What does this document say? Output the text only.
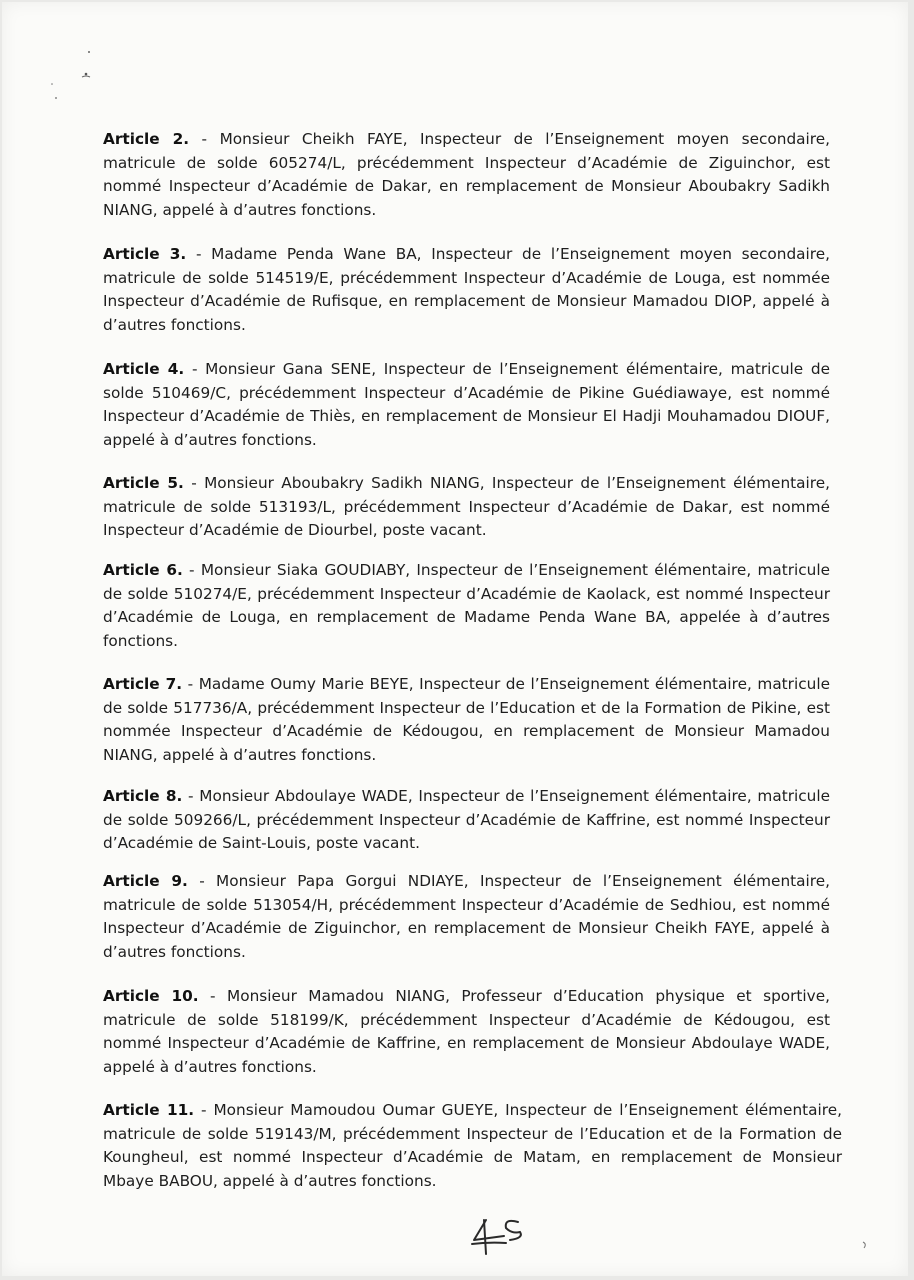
Article 2. - Monsieur Cheikh FAYE, Inspecteur de l’Enseignement moyen secondaire, matricule de solde 605274/L, précédemment Inspecteur d’Académie de Ziguinchor, est nommé Inspecteur d’Académie de Dakar, en remplacement de Monsieur Aboubakry Sadikh NIANG, appelé à d’autres fonctions.

Article 3. - Madame Penda Wane BA, Inspecteur de l’Enseignement moyen secondaire, matricule de solde 514519/E, précédemment Inspecteur d’Académie de Louga, est nommée Inspecteur d’Académie de Rufisque, en remplacement de Monsieur Mamadou DIOP, appelé à d’autres fonctions.

Article 4. - Monsieur Gana SENE, Inspecteur de l’Enseignement élémentaire, matricule de solde 510469/C, précédemment Inspecteur d’Académie de Pikine Guédiawaye, est nommé Inspecteur d’Académie de Thiès, en remplacement de Monsieur El Hadji Mouhamadou DIOUF, appelé à d’autres fonctions.

Article 5. - Monsieur Aboubakry Sadikh NIANG, Inspecteur de l’Enseignement élémentaire, matricule de solde 513193/L, précédemment Inspecteur d’Académie de Dakar, est nommé Inspecteur d’Académie de Diourbel, poste vacant.

Article 6. - Monsieur Siaka GOUDIABY, Inspecteur de l’Enseignement élémentaire, matricule de solde 510274/E, précédemment Inspecteur d’Académie de Kaolack, est nommé Inspecteur d’Académie de Louga, en remplacement de Madame Penda Wane BA, appelée à d’autres fonctions.

Article 7. - Madame Oumy Marie BEYE, Inspecteur de l’Enseignement élémentaire, matricule de solde 517736/A, précédemment Inspecteur de l’Education et de la Formation de Pikine, est nommée Inspecteur d’Académie de Kédougou, en remplacement de Monsieur Mamadou NIANG, appelé à d’autres fonctions.

Article 8. - Monsieur Abdoulaye WADE, Inspecteur de l’Enseignement élémentaire, matricule de solde 509266/L, précédemment Inspecteur d’Académie de Kaffrine, est nommé Inspecteur d’Académie de Saint-Louis, poste vacant.

Article 9. - Monsieur Papa Gorgui NDIAYE, Inspecteur de l’Enseignement élémentaire, matricule de solde 513054/H, précédemment Inspecteur d’Académie de Sedhiou, est nommé Inspecteur d’Académie de Ziguinchor, en remplacement de Monsieur Cheikh FAYE, appelé à d’autres fonctions.

Article 10. - Monsieur Mamadou NIANG, Professeur d’Education physique et sportive, matricule de solde 518199/K, précédemment Inspecteur d’Académie de Kédougou, est nommé Inspecteur d’Académie de Kaffrine, en remplacement de Monsieur Abdoulaye WADE, appelé à d’autres fonctions.

Article 11. - Monsieur Mamoudou Oumar GUEYE, Inspecteur de l’Enseignement élémentaire, matricule de solde 519143/M, précédemment Inspecteur de l’Education et de la Formation de Koungheul, est nommé Inspecteur d’Académie de Matam, en remplacement de Monsieur Mbaye BABOU, appelé à d’autres fonctions.
